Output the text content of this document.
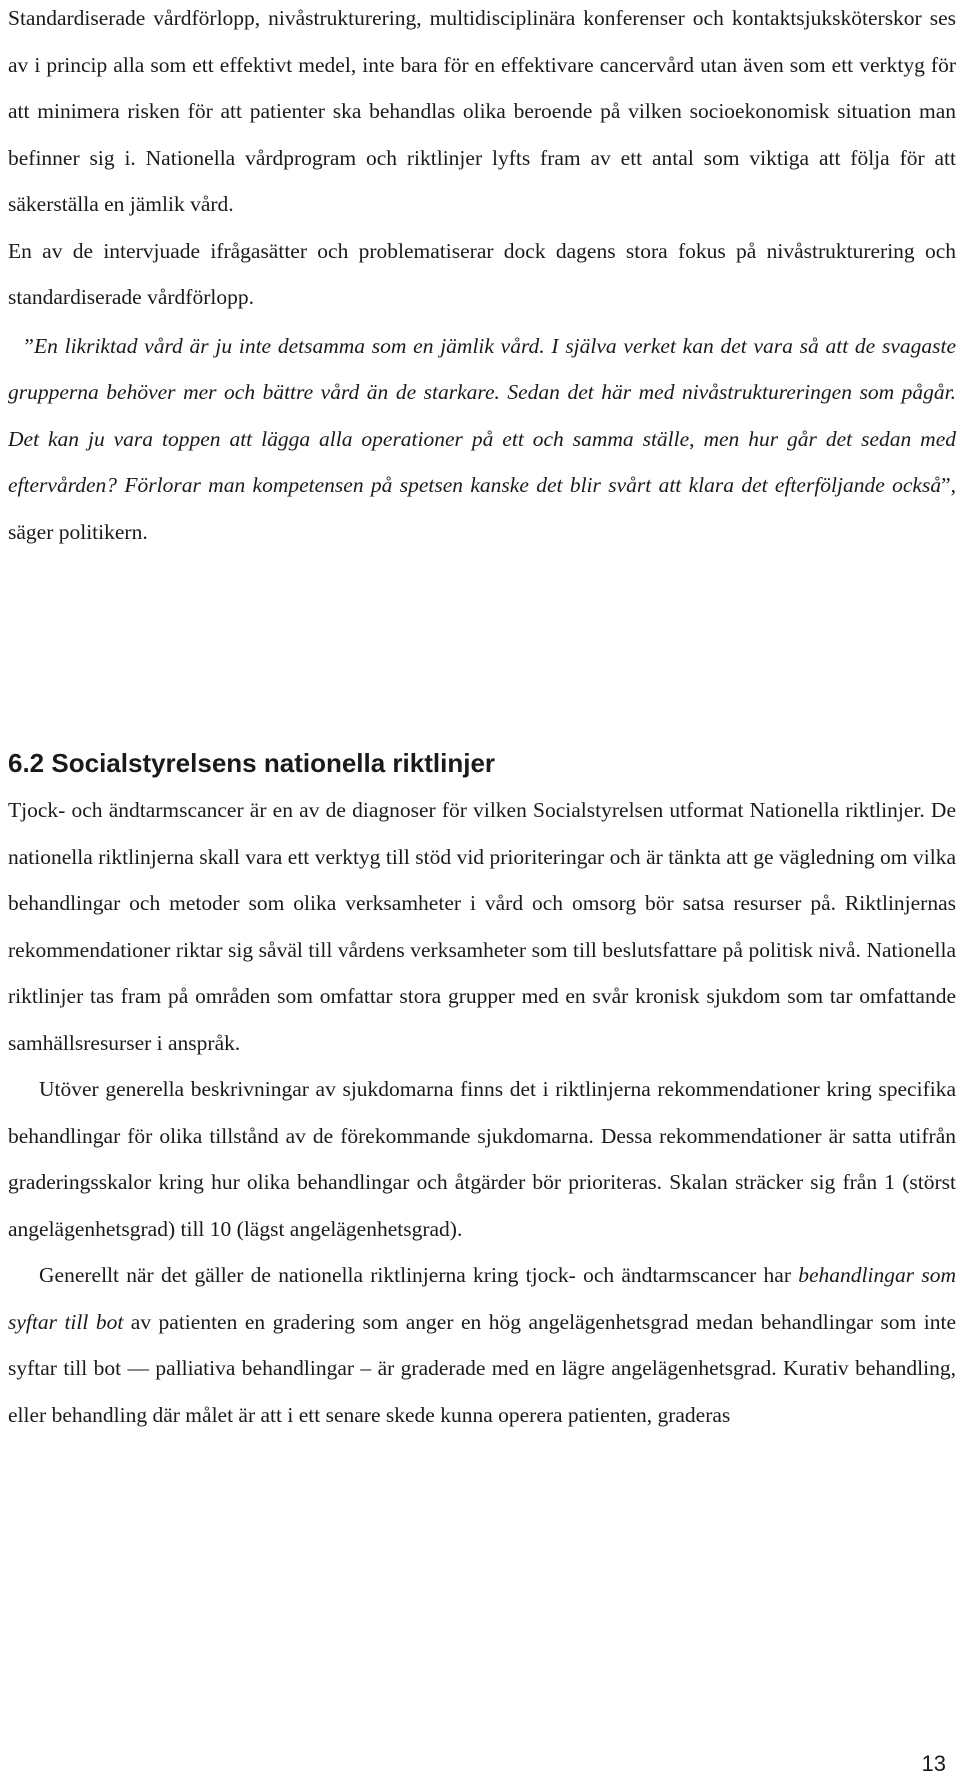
Standardiserade vårdförlopp, nivåstrukturering, multidisciplinära konferenser och kontaktsjuksköterskor ses av i princip alla som ett effektivt medel, inte bara för en effektivare cancervård utan även som ett verktyg för att minimera risken för att patienter ska behandlas olika beroende på vilken socioekonomisk situation man befinner sig i. Nationella vårdprogram och riktlinjer lyfts fram av ett antal som viktiga att följa för att säkerställa en jämlik vård.

En av de intervjuade ifrågasätter och problematiserar dock dagens stora fokus på nivåstrukturering och standardiserade vårdförlopp.

”En likriktad vård är ju inte detsamma som en jämlik vård. I själva verket kan det vara så att de svagaste grupperna behöver mer och bättre vård än de starkare. Sedan det här med nivåstruktureringen som pågår. Det kan ju vara toppen att lägga alla operationer på ett och samma ställe, men hur går det sedan med eftervården? Förlorar man kompetensen på spetsen kanske det blir svårt att klara det efterföljande också”, säger politikern.

6.2 Socialstyrelsens nationella riktlinjer

Tjock- och ändtarmscancer är en av de diagnoser för vilken Socialstyrelsen utformat Nationella riktlinjer. De nationella riktlinjerna skall vara ett verktyg till stöd vid prioriteringar och är tänkta att ge vägledning om vilka behandlingar och metoder som olika verksamheter i vård och omsorg bör satsa resurser på. Riktlinjernas rekommendationer riktar sig såväl till vårdens verksamheter som till beslutsfattare på politisk nivå. Nationella riktlinjer tas fram på områden som omfattar stora grupper med en svår kronisk sjukdom som tar omfattande samhällsresurser i anspråk.

Utöver generella beskrivningar av sjukdomarna finns det i riktlinjerna rekommendationer kring specifika behandlingar för olika tillstånd av de förekommande sjukdomarna. Dessa rekommendationer är satta utifrån graderingsskalor kring hur olika behandlingar och åtgärder bör prioriteras. Skalan sträcker sig från 1 (störst angelägenhetsgrad) till 10 (lägst angelägenhetsgrad).

Generellt när det gäller de nationella riktlinjerna kring tjock- och ändtarmscancer har behandlingar som syftar till bot av patienten en gradering som anger en hög angelägenhetsgrad medan behandlingar som inte syftar till bot — palliativa behandlingar – är graderade med en lägre angelägenhetsgrad. Kurativ behandling, eller behandling där målet är att i ett senare skede kunna operera patienten, graderas

13
